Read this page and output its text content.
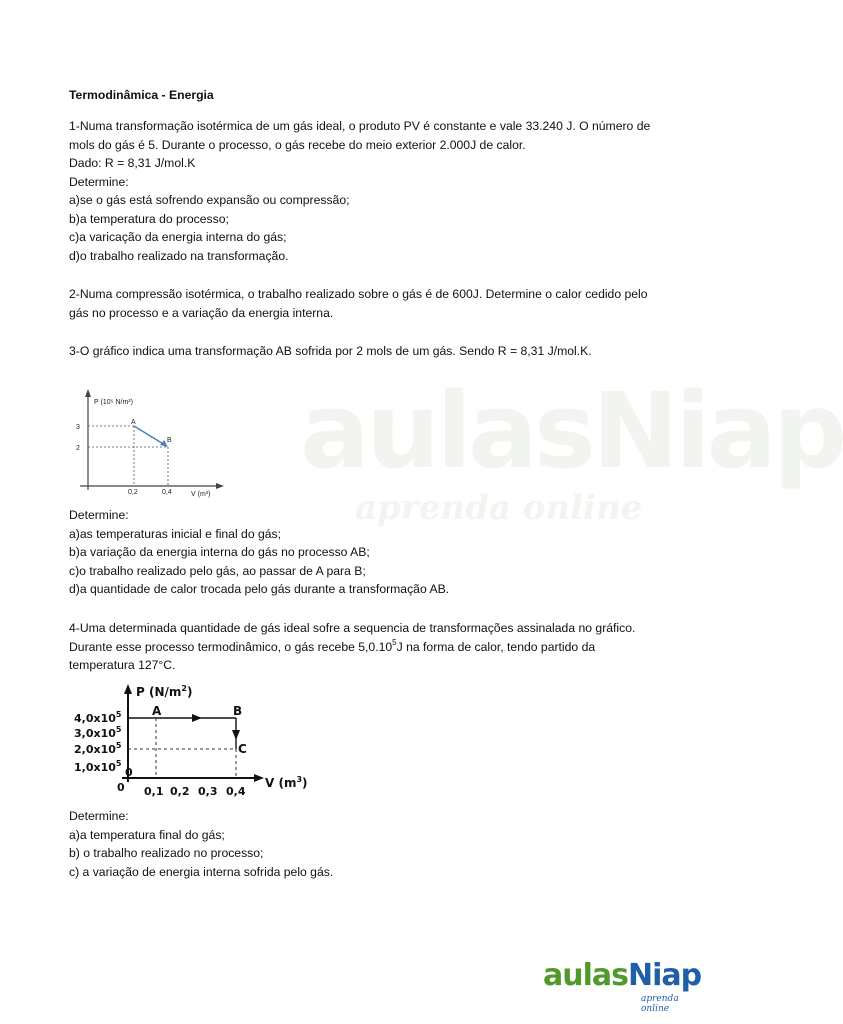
aulasNiap
aprenda online
Termodinâmica - Energia
1-Numa transformação isotérmica de um gás ideal, o produto PV é constante e vale 33.240 J. O número de
mols do gás é 5. Durante o processo, o gás recebe do meio exterior 2.000J de calor.
Dado: R = 8,31 J/mol.K
Determine:
a)se o gás está sofrendo expansão ou compressão;
b)a temperatura do processo;
c)a varicação da energia interna do gás;
d)o trabalho realizado na transformação.
2-Numa compressão isotérmica, o trabalho realizado sobre o gás é de 600J. Determine o calor cedido pelo
gás no processo e a variação da energia interna.
3-O gráfico indica uma transformação AB sofrida por 2 mols de um gás. Sendo R = 8,31 J/mol.K.
P (10⁵ N/m²)
V (m³)
3
2
0,2	0,4
A
B
Determine:
a)as temperaturas inicial e final do gás;
b)a variação da energia interna do gás no processo AB;
c)o trabalho realizado pelo gás, ao passar de A para B;
d)a quantidade de calor trocada pelo gás durante a transformação AB.
4-Uma determinada quantidade de gás ideal sofre a sequencia de transformações assinalada no gráfico.
Durante esse processo termodinâmico, o gás recebe 5,0.10$^5$J na forma de calor, tendo partido da
temperatura 127°C.
P $(N/m^2)$
V $(m^3)$
$4,0x10^5$
$3,0x10^5$
$2,0x10^5$
$1,0x10^5$
0
0
0,1 0,2 0,3 0,4
A	B
C
Determine:
a)a temperatura final do gás;
b) o trabalho realizado no processo;
c) a variação de energia interna sofrida pelo gás.
aulasNiap
aprenda online
